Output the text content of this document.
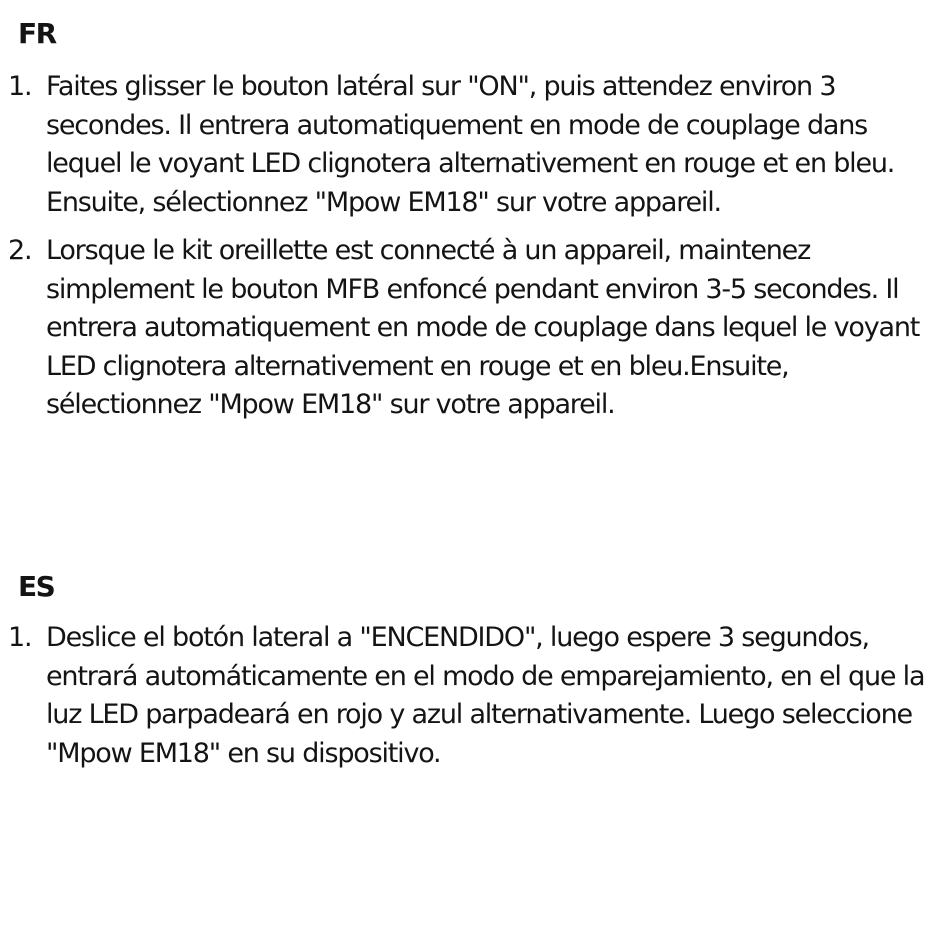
FR
1. Faites glisser le bouton latéral sur "ON", puis attendez environ 3 secondes. Il entrera automatiquement en mode de couplage dans lequel le voyant LED clignotera alternativement en rouge et en bleu. Ensuite, sélectionnez "Mpow EM18" sur votre appareil.
2. Lorsque le kit oreillette est connecté à un appareil, maintenez simplement le bouton MFB enfoncé pendant environ 3-5 secondes. Il entrera automatiquement en mode de couplage dans lequel le voyant LED clignotera alternativement en rouge et en bleu.Ensuite, sélectionnez "Mpow EM18" sur votre appareil.
ES
1. Deslice el botón lateral a "ENCENDIDO", luego espere 3 segundos, entrará automáticamente en el modo de emparejamiento, en el que la luz LED parpadeará en rojo y azul alternativamente. Luego seleccione "Mpow EM18" en su dispositivo.
